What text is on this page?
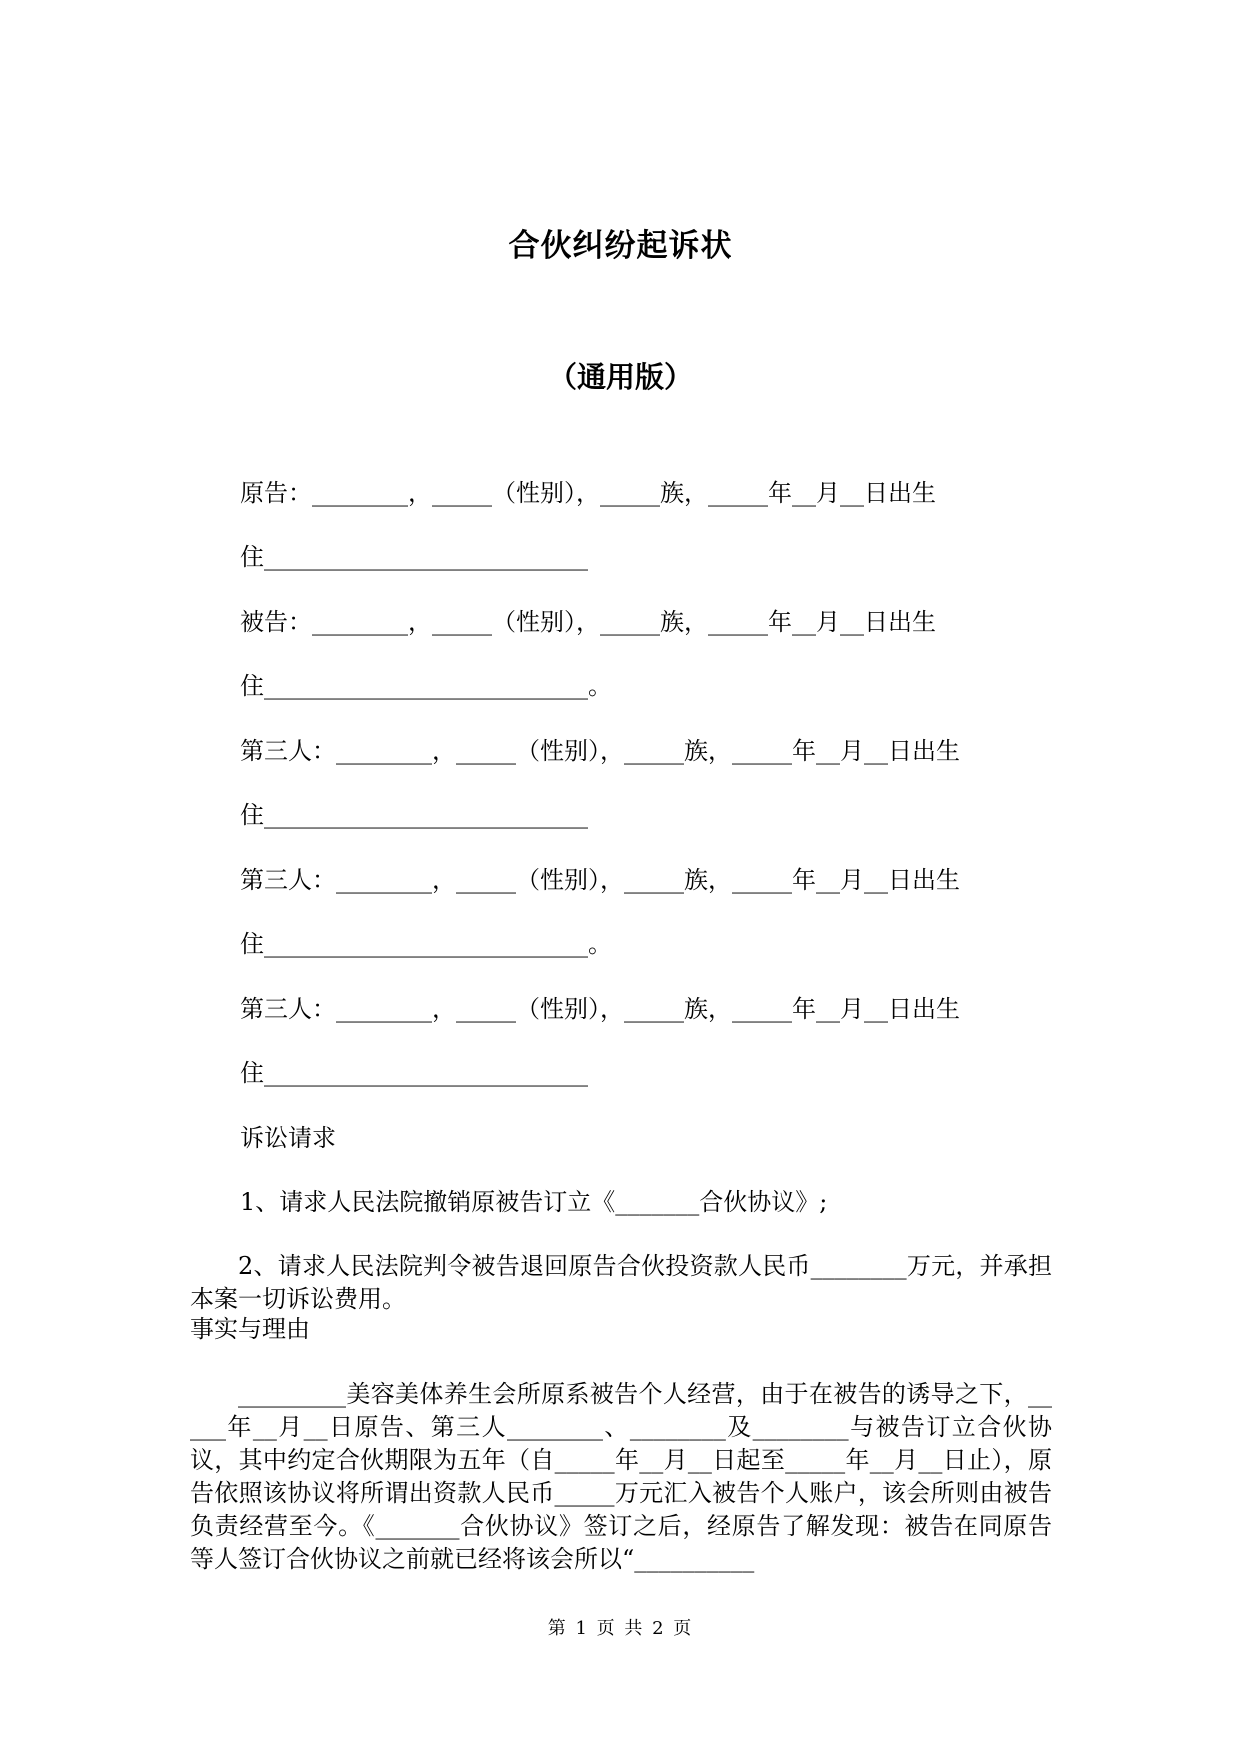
合伙纠纷起诉状
（通用版）
原告：________，_____（性别），_____族，_____年__月__日出生
住___________________________
被告：________，_____（性别），_____族，_____年__月__日出生
住___________________________。
第三人：________，_____（性别），_____族，_____年__月__日出生
住___________________________
第三人：________，_____（性别），_____族，_____年__月__日出生
住___________________________。
第三人：________，_____（性别），_____族，_____年__月__日出生
住___________________________
诉讼请求
1、请求人民法院撤销原被告订立《_______合伙协议》;
2、请求人民法院判令被告退回原告合伙投资款人民币________万元，并承担本案一切诉讼费用。
事实与理由
_________美容美体养生会所原系被告个人经营，由于在被告的诱导之下，_____年__月__日原告、第三人________、________及________与被告订立合伙协议，其中约定合伙期限为五年（自_____年__月__日起至_____年__月__日止），原告依照该协议将所谓出资款人民币_____万元汇入被告个人账户，该会所则由被告负责经营至今。《_______合伙协议》签订之后，经原告了解发现：被告在同原告等人签订合伙协议之前就已经将该会所以“__________
第 1 页 共 2 页
